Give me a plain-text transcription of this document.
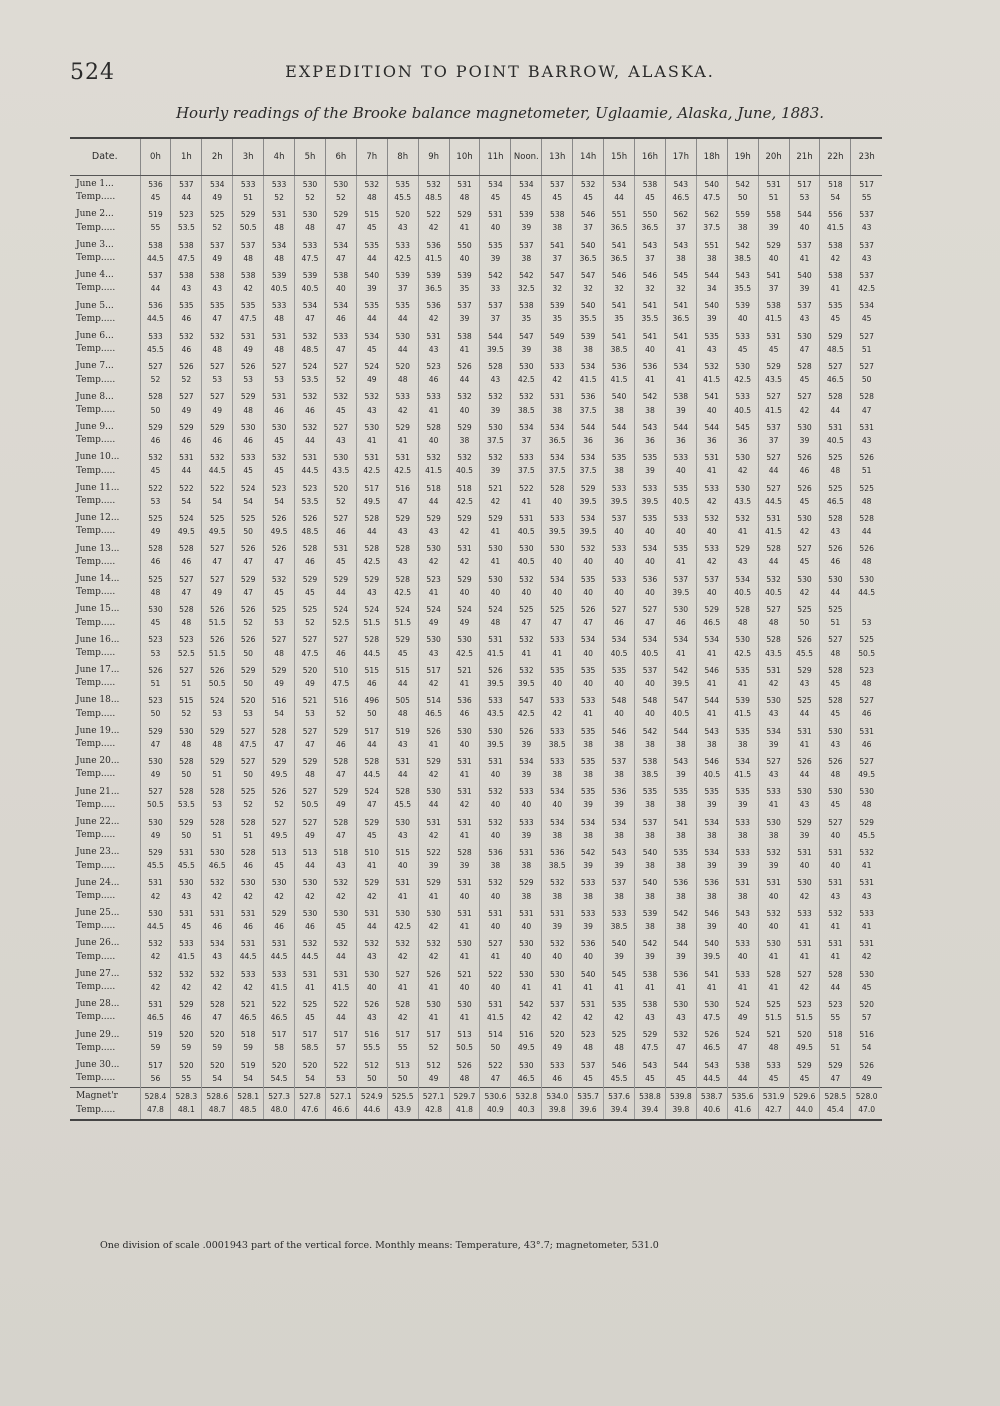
524	EXPEDITION TO POINT BARROW, ALASKA.
Hourly readings of the Brooke balance magnetometer, Uglaamie, Alaska, June, 1883.
Date.	0h	1h	2h	3h	4h	5h	6h	7h	8h	9h	10h	11h	Noon.	13h	14h	15h	16h	17h	18h	19h	20h	21h	22h	23h
June 1...	536	537	534	533	533	530	530	532	535	532	531	534	534	537	532	534	538	543	540	542	531	517	518	517
Temp.....	45	44	49	51	52	52	52	48	45.5	48.5	48	45	45	45	45	44	45	46.5	47.5	50	51	53	54	55
June 2...	519	523	525	529	531	530	529	515	520	522	529	531	539	538	546	551	550	562	562	559	558	544	556	537
Temp.....	55	53.5	52	50.5	48	48	47	45	43	42	41	40	39	38	37	36.5	36.5	37	37.5	38	39	40	41.5	43
June 3...	538	538	537	537	534	533	534	535	533	536	550	535	537	541	540	541	543	543	551	542	529	537	538	537
Temp.....	44.5	47.5	49	48	48	47.5	47	44	42.5	41.5	40	39	38	37	36.5	36.5	37	38	38	38.5	40	41	42	43
June 4...	537	538	538	538	539	539	538	540	539	539	539	542	542	547	547	546	546	545	544	543	541	540	538	537
Temp.....	44	43	43	42	40.5	40.5	40	39	37	36.5	35	33	32.5	32	32	32	32	32	34	35.5	37	39	41	42.5
June 5...	536	535	535	535	533	534	534	535	535	536	537	537	538	539	540	541	541	541	540	539	538	537	535	534
Temp.....	44.5	46	47	47.5	48	47	46	44	44	42	39	37	35	35	35.5	35	35.5	36.5	39	40	41.5	43	45	45
June 6...	533	532	532	531	531	532	533	534	530	531	538	544	547	549	539	541	541	541	535	533	531	530	529	527
Temp.....	45.5	46	48	49	48	48.5	47	45	44	43	41	39.5	39	38	38	38.5	40	41	43	45	45	47	48.5	51
June 7...	527	526	527	526	527	524	527	524	520	523	526	528	530	533	534	536	536	534	532	530	529	528	527	527
Temp.....	52	52	53	53	53	53.5	52	49	48	46	44	43	42.5	42	41.5	41.5	41	41	41.5	42.5	43.5	45	46.5	50
June 8...	528	527	527	529	531	532	532	532	533	533	532	532	532	531	536	540	542	538	541	533	527	527	528	528
Temp.....	50	49	49	48	46	46	45	43	42	41	40	39	38.5	38	37.5	38	38	39	40	40.5	41.5	42	44	47
June 9...	529	529	529	530	530	532	527	530	529	528	529	530	534	534	544	544	543	544	544	545	537	530	531	531
Temp.....	46	46	46	46	45	44	43	41	41	40	38	37.5	37	36.5	36	36	36	36	36	36	37	39	40.5	43
June 10...	532	531	532	533	532	531	530	531	531	532	532	532	533	534	534	535	535	533	531	530	527	526	525	526
Temp.....	45	44	44.5	45	45	44.5	43.5	42.5	42.5	41.5	40.5	39	37.5	37.5	37.5	38	39	40	41	42	44	46	48	51
June 11...	522	522	522	524	523	523	520	517	516	518	518	521	522	528	529	533	533	535	533	530	527	526	525	525
Temp.....	53	54	54	54	54	53.5	52	49.5	47	44	42.5	42	41	40	39.5	39.5	39.5	40.5	42	43.5	44.5	45	46.5	48
June 12...	525	524	525	525	526	526	527	528	529	529	529	529	531	533	534	537	535	533	532	532	531	530	528	528
Temp.....	49	49.5	49.5	50	49.5	48.5	46	44	43	43	42	41	40.5	39.5	39.5	40	40	40	40	41	41.5	42	43	44
June 13...	528	528	527	526	526	528	531	528	528	530	531	530	530	530	532	533	534	535	533	529	528	527	526	526
Temp.....	46	46	47	47	47	46	45	42.5	43	42	42	41	40.5	40	40	40	40	41	42	43	44	45	46	48
June 14...	525	527	527	529	532	529	529	529	528	523	529	530	532	534	535	533	536	537	537	534	532	530	530	530
Temp.....	48	47	49	47	45	45	44	43	42.5	41	40	40	40	40	40	40	40	39.5	40	40.5	40.5	42	44	44.5
June 15...	530	528	526	526	525	525	524	524	524	524	524	524	525	525	526	527	527	530	529	528	527	525	525	
Temp.....	45	48	51.5	52	53	52	52.5	51.5	51.5	49	49	48	47	47	47	46	47	46	46.5	48	48	50	51	53
June 16...	523	523	526	526	527	527	527	528	529	530	530	531	532	533	534	534	534	534	534	530	528	526	527	525
Temp.....	53	52.5	51.5	50	48	47.5	46	44.5	45	43	42.5	41.5	41	41	40	40.5	40.5	41	41	42.5	43.5	45.5	48	50.5
June 17...	526	527	526	529	529	520	510	515	515	517	521	526	532	535	535	535	537	542	546	535	531	529	528	523
Temp.....	51	51	50.5	50	49	49	47.5	46	44	42	41	39.5	39.5	40	40	40	40	39.5	41	41	42	43	45	48
June 18...	523	515	524	520	516	521	516	496	505	514	536	533	547	533	533	548	548	547	544	539	530	525	528	527
Temp.....	50	52	53	53	54	53	52	50	48	46.5	46	43.5	42.5	42	41	40	40	40.5	41	41.5	43	44	45	46
June 19...	529	530	529	527	528	527	529	517	519	526	530	530	526	533	535	546	542	544	543	535	534	531	530	531
Temp.....	47	48	48	47.5	47	47	46	44	43	41	40	39.5	39	38.5	38	38	38	38	38	38	39	41	43	46
June 20...	530	528	529	527	529	529	528	528	531	529	531	531	534	533	535	537	538	543	546	534	527	526	526	527
Temp.....	49	50	51	50	49.5	48	47	44.5	44	42	41	40	39	38	38	38	38.5	39	40.5	41.5	43	44	48	49.5
June 21...	527	528	528	525	526	527	529	524	528	530	531	532	533	534	535	536	535	535	535	535	533	530	530	530
Temp.....	50.5	53.5	53	52	52	50.5	49	47	45.5	44	42	40	40	40	39	39	38	38	39	39	41	43	45	48
June 22...	530	529	528	528	527	527	528	529	530	531	531	532	533	534	534	534	537	541	534	533	530	529	527	529
Temp.....	49	50	51	51	49.5	49	47	45	43	42	41	40	39	38	38	38	38	38	38	38	38	39	40	45.5
June 23...	529	531	530	528	513	513	518	510	515	522	528	536	531	536	542	543	540	535	534	533	532	531	531	532
Temp.....	45.5	45.5	46.5	46	45	44	43	41	40	39	39	38	38	38.5	39	39	38	38	39	39	39	40	40	41
June 24...	531	530	532	530	530	530	532	529	531	529	531	532	529	532	533	537	540	536	536	531	531	530	531	531
Temp.....	42	43	42	42	42	42	42	42	41	41	40	40	38	38	38	38	38	38	38	38	40	42	43	43
June 25...	530	531	531	531	529	530	530	531	530	530	531	531	531	531	533	533	539	542	546	543	532	533	532	533
Temp.....	44.5	45	46	46	46	46	45	44	42.5	42	41	40	40	39	39	38.5	38	38	39	40	40	41	41	41
June 26...	532	533	534	531	531	532	532	532	532	532	530	527	530	532	536	540	542	544	540	533	530	531	531	531
Temp.....	42	41.5	43	44.5	44.5	44.5	44	43	42	42	41	41	40	40	40	39	39	39	39.5	40	41	41	41	42
June 27...	532	532	532	533	533	531	531	530	527	526	521	522	530	530	540	545	538	536	541	533	528	527	528	530
Temp.....	42	42	42	42	41.5	41	41.5	40	41	41	40	40	41	41	41	41	41	41	41	41	41	42	44	45
June 28...	531	529	528	521	522	525	522	526	528	530	530	531	542	537	531	535	538	530	530	524	525	523	523	520
Temp.....	46.5	46	47	46.5	46.5	45	44	43	42	41	41	41.5	42	42	42	42	43	43	47.5	49	51.5	51.5	55	57
June 29...	519	520	520	518	517	517	517	516	517	517	513	514	516	520	523	525	529	532	526	524	521	520	518	516
Temp.....	59	59	59	59	58	58.5	57	55.5	55	52	50.5	50	49.5	49	48	48	47.5	47	46.5	47	48	49.5	51	54
June 30...	517	520	520	519	520	520	522	512	513	512	526	522	530	533	537	546	543	544	543	538	533	529	529	526
Temp.....	56	55	54	54	54.5	54	53	50	50	49	48	47	46.5	46	45	45.5	45	45	44.5	44	45	45	47	49
Magnet'r	528.4	528.3	528.6	528.1	527.3	527.8	527.1	524.9	525.5	527.1	529.7	530.6	532.8	534.0	535.7	537.6	538.8	539.8	538.7	535.6	531.9	529.6	528.5	528.0
Temp.....	47.8	48.1	48.7	48.5	48.0	47.6	46.6	44.6	43.9	42.8	41.8	40.9	40.3	39.8	39.6	39.4	39.4	39.8	40.6	41.6	42.7	44.0	45.4	47.0
One division of scale .0001943 part of the vertical force. Monthly means: Temperature, 43°.7; magnetometer, 531.0
